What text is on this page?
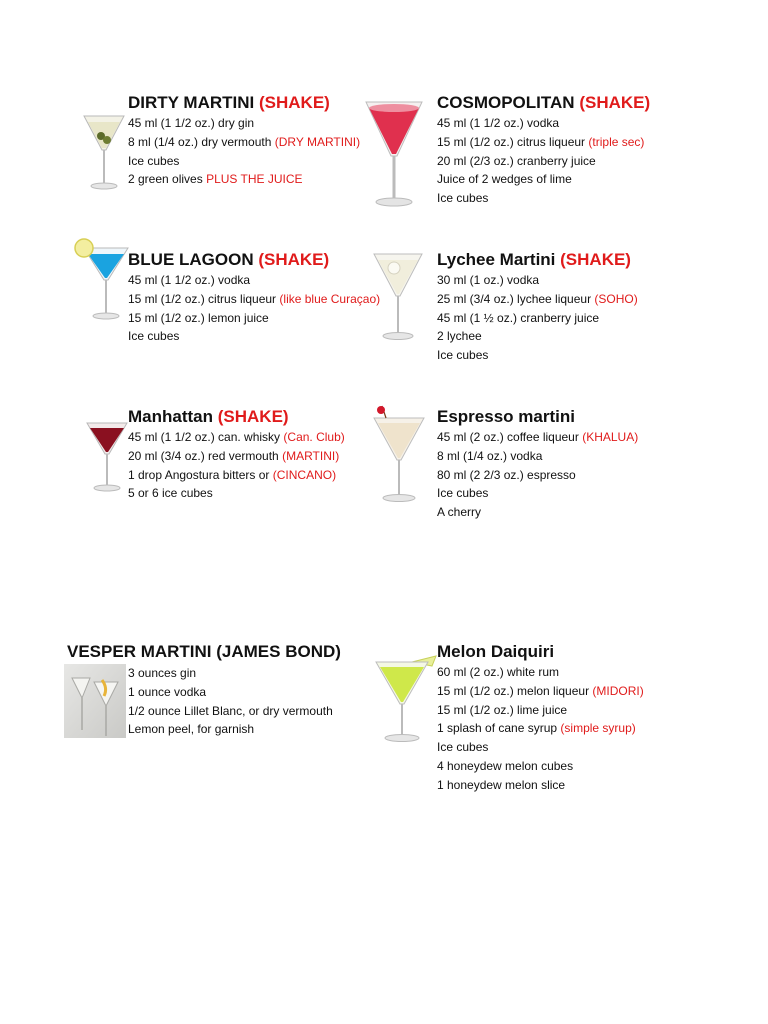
DIRTY MARTINI (SHAKE)
45 ml (1 1/2 oz.) dry gin
8 ml (1/4 oz.) dry vermouth (DRY MARTINI)
Ice cubes
2 green olives PLUS THE JUICE
COSMOPOLITAN (SHAKE)
45 ml (1 1/2 oz.) vodka
15 ml (1/2 oz.) citrus liqueur (triple sec)
20 ml (2/3 oz.) cranberry juice
Juice of 2 wedges of lime
Ice cubes
BLUE LAGOON (SHAKE)
45 ml (1 1/2 oz.) vodka
15 ml (1/2 oz.) citrus liqueur (like blue Curaçao)
15 ml (1/2 oz.) lemon juice
Ice cubes
Lychee Martini (SHAKE)
30 ml (1 oz.) vodka
25 ml (3/4 oz.) lychee liqueur (SOHO)
45 ml (1 ½ oz.) cranberry juice
2 lychee
Ice cubes
Manhattan (SHAKE)
45 ml (1 1/2 oz.) can. whisky (Can. Club)
20 ml (3/4 oz.) red vermouth (MARTINI)
1 drop Angostura bitters or (CINCANO)
5 or 6 ice cubes
Espresso martini
45 ml (2 oz.) coffee liqueur (KHALUA)
8 ml (1/4 oz.) vodka
80 ml (2 2/3 oz.) espresso
Ice cubes
A cherry
VESPER MARTINI (JAMES BOND)
3 ounces gin
1 ounce vodka
1/2 ounce Lillet Blanc, or dry vermouth
Lemon peel, for garnish
Melon Daiquiri
60 ml (2 oz.) white rum
15 ml (1/2 oz.) melon liqueur (MIDORI)
15 ml (1/2 oz.) lime juice
1 splash of cane syrup (simple syrup)
Ice cubes
4 honeydew melon cubes
1 honeydew melon slice
